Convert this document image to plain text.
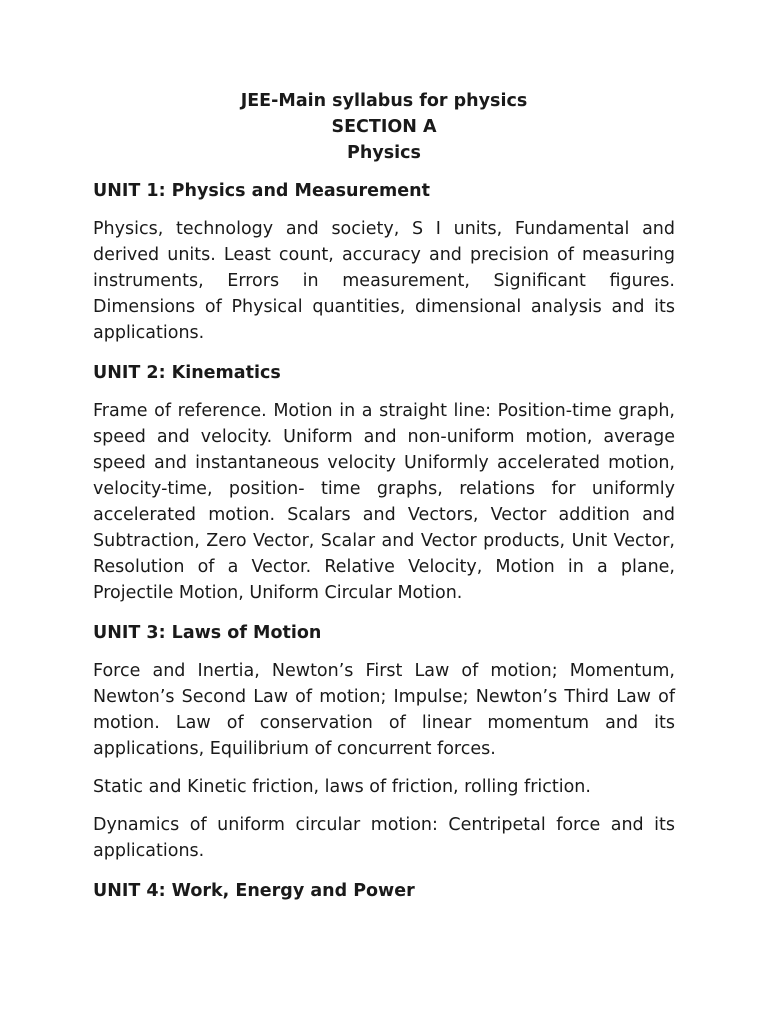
JEE-Main syllabus for physics
SECTION A
Physics
UNIT 1: Physics and Measurement

Physics, technology and society, S I units, Fundamental and derived units. Least count, accuracy and precision of measuring instruments, Errors in measurement, Significant figures. Dimensions of Physical quantities, dimensional analysis and its applications.

UNIT 2: Kinematics

Frame of reference. Motion in a straight line: Position-time graph, speed and velocity. Uniform and non-uniform motion, average speed and instantaneous velocity Uniformly accelerated motion, velocity-time, position- time graphs, relations for uniformly accelerated motion. Scalars and Vectors, Vector addition and Subtraction, Zero Vector, Scalar and Vector products, Unit Vector, Resolution of a Vector. Relative Velocity, Motion in a plane, Projectile Motion, Uniform Circular Motion.

UNIT 3: Laws of Motion

Force and Inertia, Newton’s First Law of motion; Momentum, Newton’s Second Law of motion; Impulse; Newton’s Third Law of motion. Law of conservation of linear momentum and its applications, Equilibrium of concurrent forces.

Static and Kinetic friction, laws of friction, rolling friction.

Dynamics of uniform circular motion: Centripetal force and its applications.

UNIT 4: Work, Energy and Power
